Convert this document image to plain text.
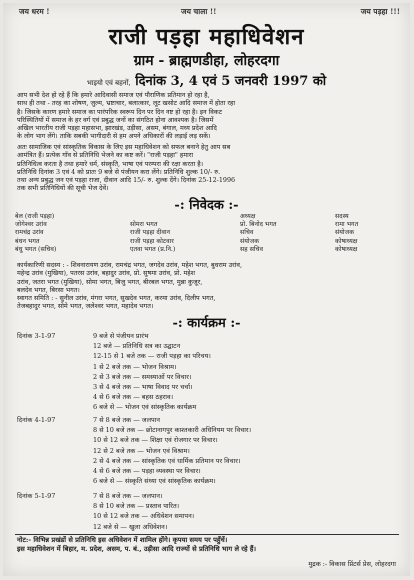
जय धरम !	जय चाला !!	जय पड़हा !!!
राजी पड़हा महाधिवेशन
ग्राम - ब्राह्मणडीहा, लोहरदगा
भाइयो एवं बहनों, दिनांक 3, 4 एवं 5 जनवरी 1997 को
आप सभी देश हो रहे हैं कि हमारे आदिवासी समाज एवं पौराणिक प्रतिमान हो रहा है,
साथ ही तथा - तरह का शोषण, जुल्म, भ्रष्टाचार, बलात्कार, लूट खसोट आदि समाज में होता रहा
है। जिसके कारण हमारे समाज का पारंपरिक स्वरूप दिन पर दिन नष्ट हो रहा है। इन विकट
परिस्थितियों में समाज के हर वर्ग एवं प्रबुद्ध जनों का संगठित होना आवश्यक है। जिसमें
अखिल भारतीय राजी पड़हा महासभा, झारखंड, उड़ीसा, असम, बंगाल, मध्य प्रदेश आदि
के लोग भाग लेंगे। ताकि सबकी भागीदारी से हम अपने अधिकारों की लड़ाई लड़ सकें।
अतः सामाजिक एवं सांस्कृतिक विकास के लिए इस महाधिवेशन को सफल बनाने हेतु आप सब
आमंत्रित हैं। प्रत्येक गाँव से प्रतिनिधि भेजने का कष्ट करें। "राजी पड़हा" हमारा
प्रतिनिधित्व करता है तथा हमारे धर्म, संस्कृति, भाषा एवं परम्परा की रक्षा करता है।
प्रतिनिधि दिनांक 3 एवं 4 को प्रातः 9 बजे से पंजीयन करा लेंगे। प्रतिनिधि शुल्क 10/- रु.
तथा अन्य प्रबुद्ध जन एवं पड़हा राजा, दीवान आदि 15/- रु. शुल्क देंगे। दिनांक 25-12-1996
तक सभी प्रतिनिधियों की सूची भेज देवें।
-: निवेदक :-
बेल (राजी पड़हा)	अध्यक्ष	सदस्य
जोगेश्वर उरांव	सोमरा भगत	प्रो. बिनोद भगत	रामा भगत
रामचंद्र उरांव	राजी पड़हा दीवान	सचिव	संयोजक
बंधन भगत	राजी पड़हा कोटवार	संयोजक	कोषाध्यक्ष
बंधु भगत (सचिव)	एतवा भगत (प्र.नि.)	सह सचिव	कोषाध्यक्ष
कार्यकारिणी सदस्य : - शिवनारायण उरांव, रामचंद्र भगत, जगदेव उरांव, महेश भगत, बुधराम उरांव,
महेन्द्र उरांव (मुखिया), पतरस उरांव, बहादुर उरांव, प्रो. सुषमा उरांव, प्रो. महेश
उरांव, जतरा भगत (मुखिया), सोमा भगत, बिजु भगत, बीरबल भगत, मुन्ना कुजूर,
बलदेव भगत, बिरसा भगत।
स्वागत समिति : - सुनील उरांव, मंगरा भगत, सुखदेव भगत, करमा उरांव, दिलीप भगत,
तेजबहादुर भगत, सोमे भगत, जलेश्वर भगत, महादेव भगत।
-: कार्यक्रम :-
दिनांक 3-1-97	9 बजे से पंजीयन प्रारंभ
12 बजे — प्रतिनिधि सत्र का उद्घाटन
12-15 से 1 बजे तक — राजी पड़हा का परिचय।
1 से 2 बजे तक — भोजन विश्राम।
2 से 3 बजे तक — समस्याओं पर विचार।
3 से 4 बजे तक — भाषा विवाद पर चर्चा।
4 से 6 बजे तक — बहस ठहराव।
6 बजे से — भोजन एवं सांस्कृतिक कार्यक्रम
दिनांक 4-1-97	7 से 8 बजे तक — जलपान
8 से 10 बजे तक — छोटानागपुर काश्तकारी अधिनियम पर विचार।
10 से 12 बजे तक — शिक्षा एवं रोजगार पर विचार।
12 से 2 बजे तक — भोजन एवं विश्राम।
2 से 4 बजे तक — सांस्कृतिक एवं धार्मिक प्रतिमान पर विचार।
4 से 6 बजे तक — पड़हा व्यवस्था पर विचार।
6 बजे से — संस्कृति संध्या एवं सांस्कृतिक कार्यक्रम।
दिनांक 5-1-97	7 से 8 बजे तक — जलपान।
8 से 10 बजे तक — प्रस्ताव पारित।
10 से 12 बजे तक — अधिवेशन समापन।
12 बजे से — खुला अधिवेशन।
नोट:- विभिन्न प्रखंडों से प्रतिनिधि इस अधिवेशन में शामिल होंगे। कृपया समय पर पहुँचें।
इस महाधिवेशन में बिहार, म. प्रदेश, असम, प. बं., उड़ीसा आदि राज्यों से प्रतिनिधि भाग ले रहे हैं।
मुद्रक :- विकास प्रिंटर्स प्रेस, लोहरदगा
